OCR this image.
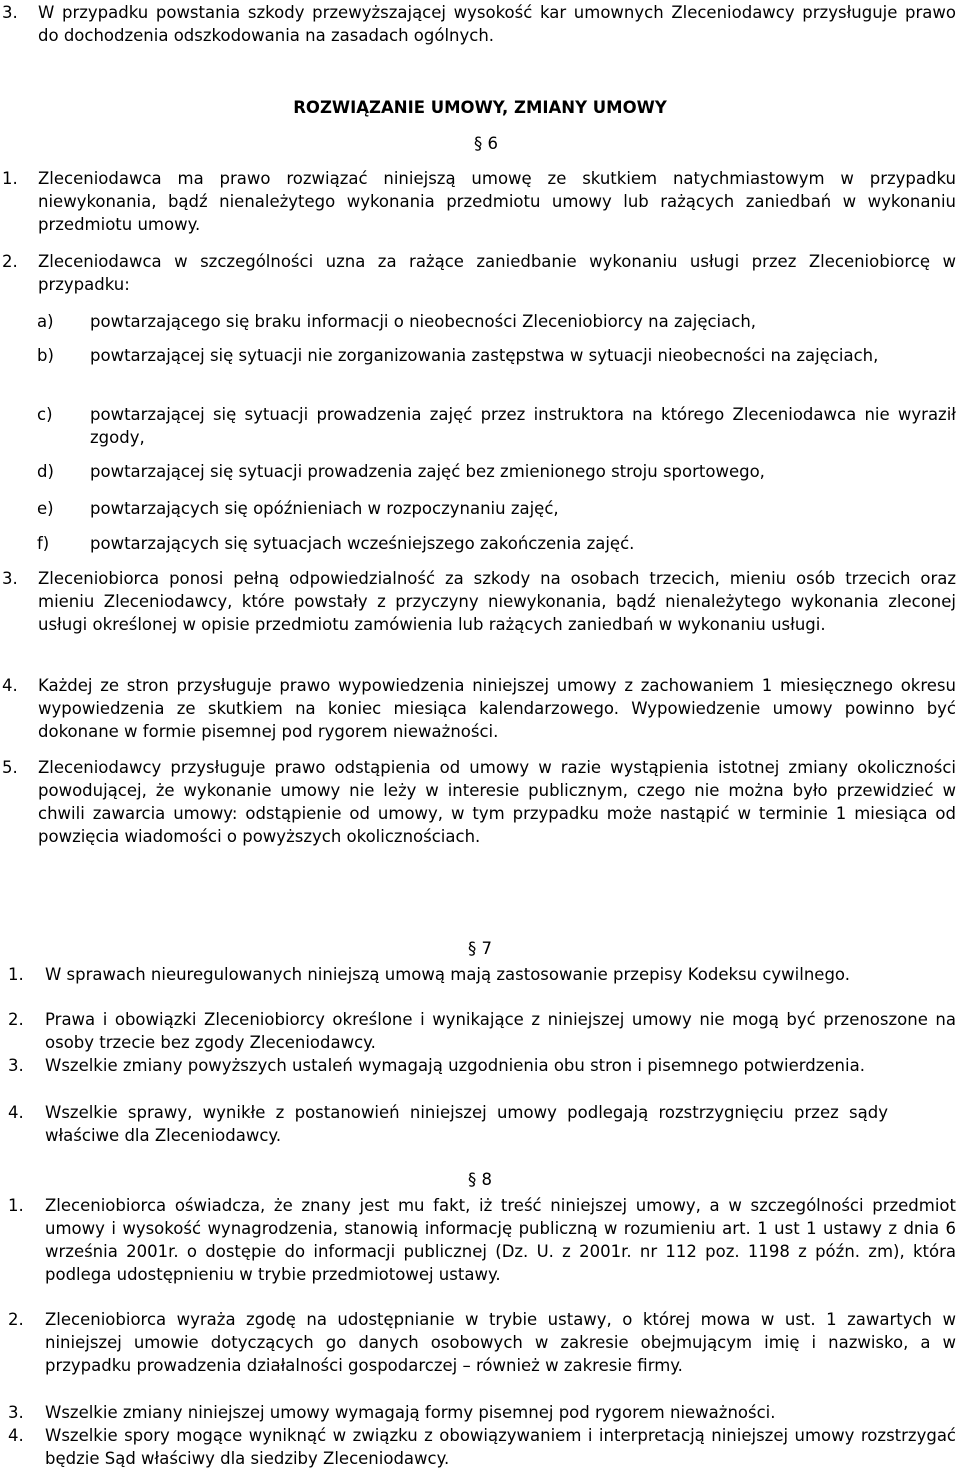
3.	W przypadku powstania szkody przewyższającej wysokość kar umownych Zleceniodawcy przysługuje prawo do dochodzenia odszkodowania na zasadach ogólnych.
ROZWIĄZANIE UMOWY, ZMIANY UMOWY
§ 6
1.	Zleceniodawca ma prawo rozwiązać niniejszą umowę ze skutkiem natychmiastowym w przypadku niewykonania, bądź nienależytego wykonania przedmiotu umowy lub rażących zaniedbań w wykonaniu przedmiotu umowy.
2.	Zleceniodawca w szczególności uzna za rażące zaniedbanie wykonaniu usługi przez Zleceniobiorcę w przypadku:
a)	powtarzającego się braku informacji o nieobecności Zleceniobiorcy na zajęciach,
b)	powtarzającej się sytuacji nie zorganizowania zastępstwa w sytuacji nieobecności na zajęciach,
c)	powtarzającej się sytuacji prowadzenia zajęć przez instruktora na którego Zleceniodawca nie wyraził zgody,
d)	powtarzającej się sytuacji prowadzenia zajęć bez zmienionego stroju sportowego,
e)	powtarzających się opóźnieniach w rozpoczynaniu zajęć,
f)	powtarzających się sytuacjach wcześniejszego zakończenia zajęć.
3.	Zleceniobiorca ponosi pełną odpowiedzialność za szkody na osobach trzecich, mieniu osób trzecich oraz mieniu Zleceniodawcy, które powstały z przyczyny niewykonania, bądź nienależytego wykonania zleconej usługi określonej w opisie przedmiotu zamówienia lub rażących zaniedbań w wykonaniu usługi.
4.	Każdej ze stron przysługuje prawo wypowiedzenia niniejszej umowy z zachowaniem 1 miesięcznego okresu wypowiedzenia ze skutkiem na koniec miesiąca kalendarzowego. Wypowiedzenie umowy powinno być dokonane w formie pisemnej pod rygorem nieważności.
5.	Zleceniodawcy przysługuje prawo odstąpienia od umowy w razie wystąpienia istotnej zmiany okoliczności powodującej, że wykonanie umowy nie leży w interesie publicznym, czego nie można było przewidzieć w chwili zawarcia umowy: odstąpienie od umowy, w tym przypadku może nastąpić w terminie 1 miesiąca od powzięcia wiadomości o powyższych okolicznościach.
§ 7
1.	W sprawach nieuregulowanych niniejszą umową mają zastosowanie przepisy Kodeksu cywilnego.
2.	Prawa i obowiązki Zleceniobiorcy określone i wynikające z niniejszej umowy nie mogą być przenoszone na osoby trzecie bez zgody Zleceniodawcy.
3.	Wszelkie zmiany powyższych ustaleń wymagają uzgodnienia obu stron i pisemnego potwierdzenia.
4.	Wszelkie sprawy, wynikłe z postanowień niniejszej umowy podlegają rozstrzygnięciu przez sądy właściwe dla Zleceniodawcy.
§ 8
1.	Zleceniobiorca oświadcza, że znany jest mu fakt, iż treść niniejszej umowy, a w szczególności przedmiot umowy i wysokość wynagrodzenia, stanowią informację publiczną w rozumieniu art. 1 ust 1 ustawy z dnia 6 września 2001r. o dostępie do informacji publicznej (Dz. U. z 2001r. nr 112 poz. 1198 z późn. zm), która podlega udostępnieniu w trybie przedmiotowej ustawy.
2.	Zleceniobiorca wyraża zgodę na udostępnianie w trybie ustawy, o której mowa w ust. 1 zawartych w niniejszej umowie dotyczących go danych osobowych w zakresie obejmującym imię i nazwisko, a w przypadku prowadzenia działalności gospodarczej – również w zakresie firmy.
3.	Wszelkie zmiany niniejszej umowy wymagają formy pisemnej pod rygorem nieważności.
4.	Wszelkie spory mogące wyniknąć w związku z obowiązywaniem i interpretacją niniejszej umowy rozstrzygać będzie Sąd właściwy dla siedziby Zleceniodawcy.
